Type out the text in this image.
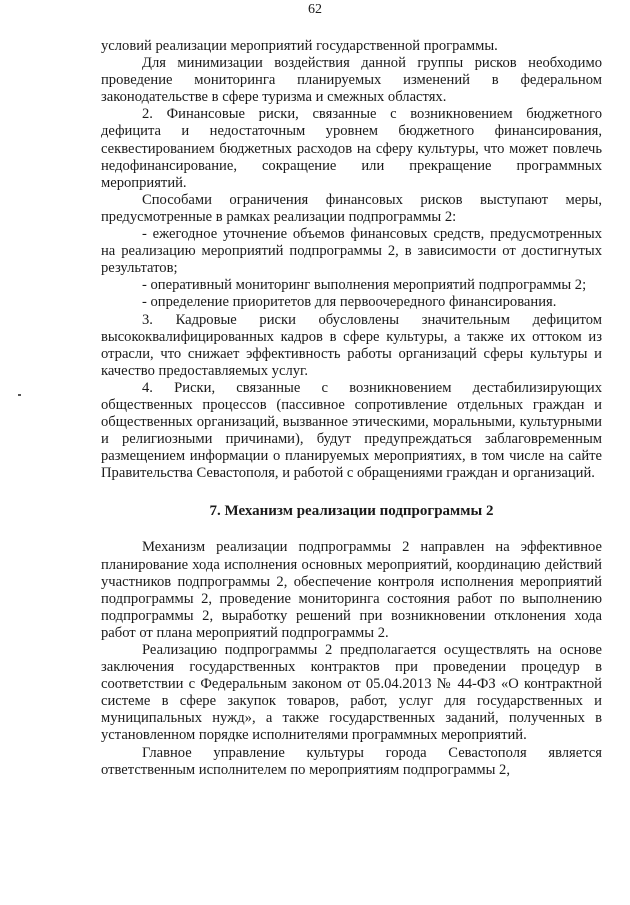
62

условий реализации мероприятий государственной программы.

Для минимизации воздействия данной группы рисков необходимо проведение мониторинга планируемых изменений в федеральном законодательстве в сфере туризма и смежных областях.

2. Финансовые риски, связанные с возникновением бюджетного дефицита и недостаточным уровнем бюджетного финансирования, секвестированием бюджетных расходов на сферу культуры, что может повлечь недофинансирование, сокращение или прекращение программных мероприятий.

Способами ограничения финансовых рисков выступают меры, предусмотренные в рамках реализации подпрограммы 2:

- ежегодное уточнение объемов финансовых средств, предусмотренных на реализацию мероприятий подпрограммы 2, в зависимости от достигнутых результатов;

- оперативный мониторинг выполнения мероприятий подпрограммы 2;

- определение приоритетов для первоочередного финансирования.

3. Кадровые риски обусловлены значительным дефицитом высококвалифицированных кадров в сфере культуры, а также их оттоком из отрасли, что снижает эффективность работы организаций сферы культуры и качество предоставляемых услуг.

4. Риски, связанные с возникновением дестабилизирующих общественных процессов (пассивное сопротивление отдельных граждан и общественных организаций, вызванное этическими, моральными, культурными и религиозными причинами), будут предупреждаться заблаговременным размещением информации о планируемых мероприятиях, в том числе на сайте Правительства Севастополя, и работой с обращениями граждан и организаций.

7. Механизм реализации подпрограммы 2

Механизм реализации подпрограммы 2 направлен на эффективное планирование хода исполнения основных мероприятий, координацию действий участников подпрограммы 2, обеспечение контроля исполнения мероприятий подпрограммы 2, проведение мониторинга состояния работ по выполнению подпрограммы 2, выработку решений при возникновении отклонения хода работ от плана мероприятий подпрограммы 2.

Реализацию подпрограммы 2 предполагается осуществлять на основе заключения государственных контрактов при проведении процедур в соответствии с Федеральным законом от 05.04.2013 № 44-ФЗ «О контрактной системе в сфере закупок товаров, работ, услуг для государственных и муниципальных нужд», а также государственных заданий, полученных в установленном порядке исполнителями программных мероприятий.

Главное управление культуры города Севастополя является ответственным исполнителем по мероприятиям подпрограммы 2,
